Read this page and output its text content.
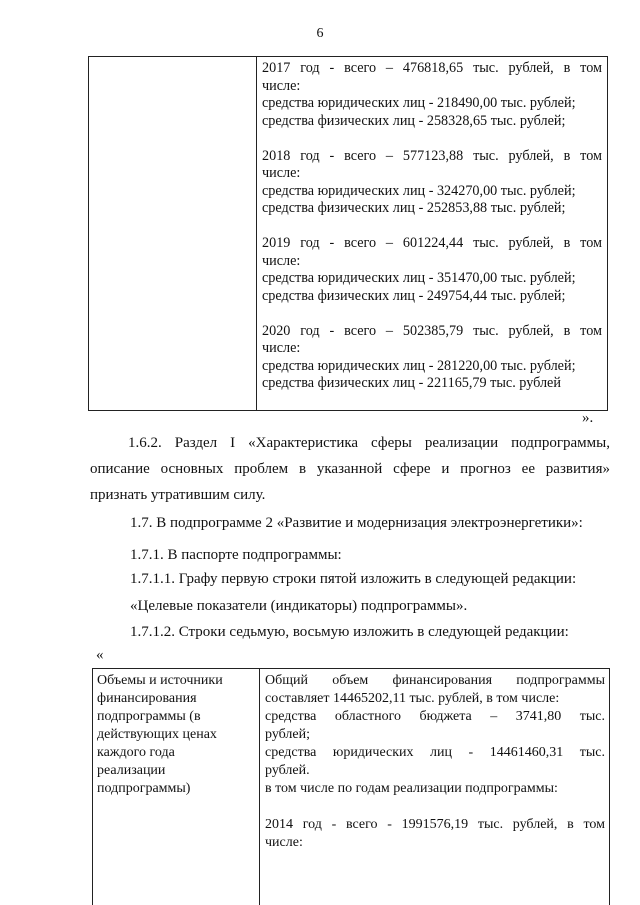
6
2017 год - всего – 476818,65 тыс. рублей, в том
числе:
средства юридических лиц - 218490,00 тыс. рублей;
средства физических лиц - 258328,65 тыс. рублей;
2018 год - всего – 577123,88 тыс. рублей, в том
числе:
средства юридических лиц - 324270,00 тыс. рублей;
средства физических лиц - 252853,88 тыс. рублей;
2019 год - всего – 601224,44 тыс. рублей, в том
числе:
средства юридических лиц - 351470,00 тыс. рублей;
средства физических лиц - 249754,44 тыс. рублей;
2020 год - всего – 502385,79 тыс. рублей, в том
числе:
средства юридических лиц - 281220,00 тыс. рублей;
средства физических лиц - 221165,79 тыс. рублей
».
1.6.2. Раздел I «Характеристика сферы реализации подпрограммы,
описание основных проблем в указанной сфере и прогноз ее развития»
признать утратившим силу.
1.7. В подпрограмме 2 «Развитие и модернизация электроэнергетики»:
1.7.1. В паспорте подпрограммы:
1.7.1.1. Графу первую строки пятой изложить в следующей редакции:
«Целевые показатели (индикаторы) подпрограммы».
1.7.1.2. Строки седьмую, восьмую изложить в следующей редакции:
«
Объемы и источники
финансирования
подпрограммы (в
действующих ценах
каждого года
реализации
подпрограммы)
Общий объем финансирования подпрограммы
составляет 14465202,11 тыс. рублей, в том числе:
средства областного бюджета – 3741,80 тыс.
рублей;
средства юридических лиц - 14461460,31 тыс.
рублей.
в том числе по годам реализации подпрограммы:
2014 год - всего - 1991576,19 тыс. рублей, в том
числе:
